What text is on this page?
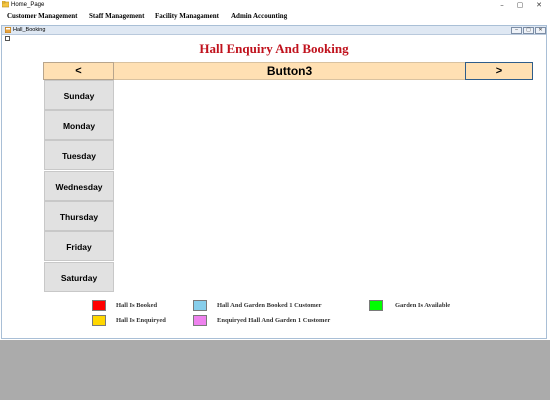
Home_Page	–	▢	✕
Customer Management Staff Management Facility Managament Admin Accounting
Hall_Booking	–	▢	✕
Hall Enquiry And Booking
<	Button3	>
Sunday
Monday
Tuesday
Wednesday
Thursday
Friday
Saturday
Hall Is Booked
Hall Is Enquiryed
Hall And Garden Booked 1 Customer
Enquiryed Hall And Garden 1 Customer
Garden Is Available
